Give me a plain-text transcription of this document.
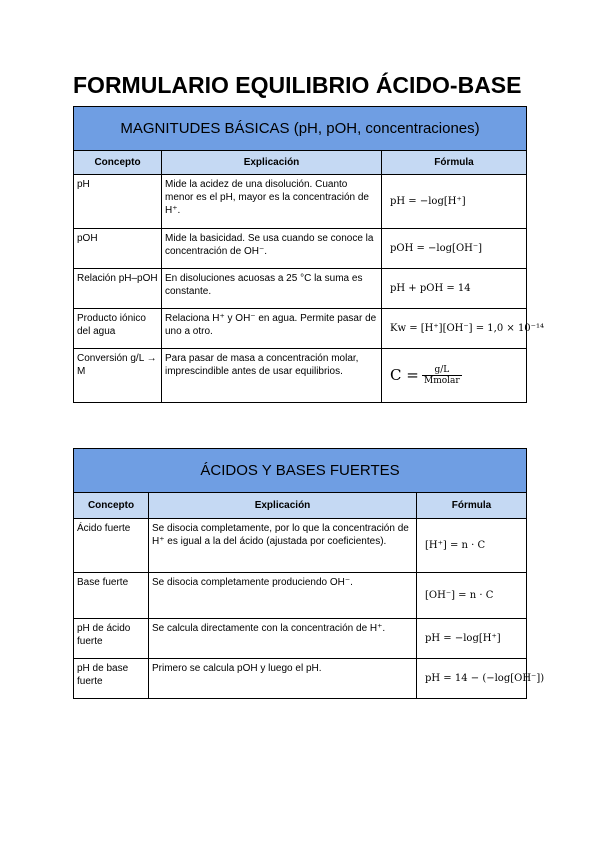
FORMULARIO EQUILIBRIO ÁCIDO-BASE
MAGNITUDES BÁSICAS (pH, pOH, concentraciones)		
Concepto	Explicación	Fórmula
pH	Mide la acidez de una disolución. Cuanto menor es el pH, mayor es la concentración de H⁺.	pH = −log[H⁺]
pOH	Mide la basicidad. Se usa cuando se conoce la concentración de OH⁻.	pOH = −log[OH⁻]
Relación pH–pOH	En disoluciones acuosas a 25 °C la suma es constante.	pH + pOH = 14
Producto iónico del agua	Relaciona H⁺ y OH⁻ en agua. Permite pasar de uno a otro.	Kw = [H⁺][OH⁻] = 1,0 × 10⁻¹⁴
Conversión g/L → M	Para pasar de masa a concentración molar, imprescindible antes de usar equilibrios.	$C = \frac{g/L}{\text{Mmolar}}$
ÁCIDOS Y BASES FUERTES		
Concepto	Explicación	Fórmula
Ácido fuerte	Se disocia completamente, por lo que la concentración de H⁺ es igual a la del ácido (ajustada por coeficientes).	[H⁺] = n · C
Base fuerte	Se disocia completamente produciendo OH⁻.	[OH⁻] = n · C
pH de ácido fuerte	Se calcula directamente con la concentración de H⁺.	pH = −log[H⁺]
pH de base fuerte	Primero se calcula pOH y luego el pH.	pH = 14 − (−log[OH⁻])
